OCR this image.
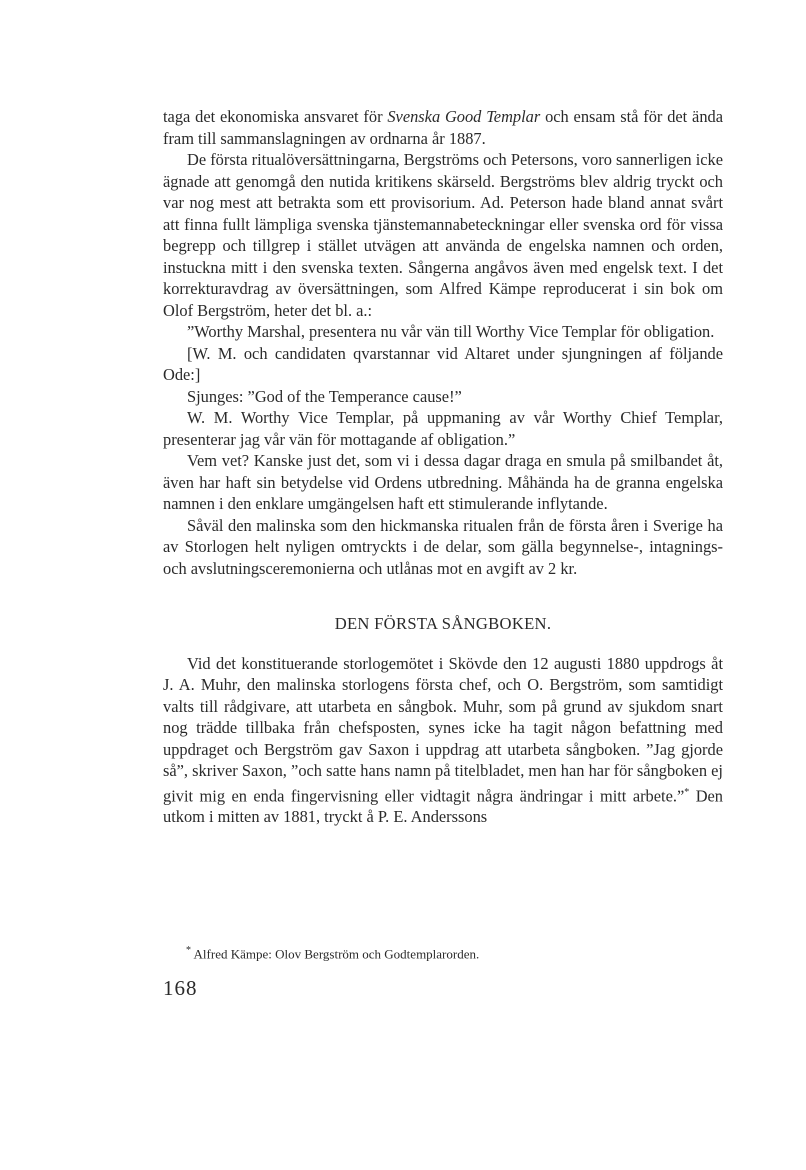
taga det ekonomiska ansvaret för Svenska Good Templar och ensam stå för det ända fram till sammanslagningen av ordnarna år 1887.

De första ritualöversättningarna, Bergströms och Petersons, voro sannerligen icke ägnade att genomgå den nutida kritikens skärseld. Bergströms blev aldrig tryckt och var nog mest att betrakta som ett provisorium. Ad. Peterson hade bland annat svårt att finna fullt lämpliga svenska tjänstemannabeteckningar eller svenska ord för vissa begrepp och tillgrep i stället utvägen att använda de engelska namnen och orden, instuckna mitt i den svenska texten. Sångerna angåvos även med engelsk text. I det korrekturavdrag av översättningen, som Alfred Kämpe reproducerat i sin bok om Olof Bergström, heter det bl. a.:

”Worthy Marshal, presentera nu vår vän till Worthy Vice Templar för obligation.

[W. M. och candidaten qvarstannar vid Altaret under sjungningen af följande Ode:]

Sjunges: ”God of the Temperance cause!”

W. M. Worthy Vice Templar, på uppmaning av vår Worthy Chief Templar, presenterar jag vår vän för mottagande af obligation.”

Vem vet? Kanske just det, som vi i dessa dagar draga en smula på smilbandet åt, även har haft sin betydelse vid Ordens utbredning. Måhända ha de granna engelska namnen i den enklare umgängelsen haft ett stimulerande inflytande.

Såväl den malinska som den hickmanska ritualen från de första åren i Sverige ha av Storlogen helt nyligen omtryckts i de delar, som gälla begynnelse-, intagnings- och avslutningsceremonierna och utlånas mot en avgift av 2 kr.

DEN FÖRSTA SÅNGBOKEN.

Vid det konstituerande storlogemötet i Skövde den 12 augusti 1880 uppdrogs åt J. A. Muhr, den malinska storlogens första chef, och O. Bergström, som samtidigt valts till rådgivare, att utarbeta en sångbok. Muhr, som på grund av sjukdom snart nog trädde tillbaka från chefsposten, synes icke ha tagit någon befattning med uppdraget och Bergström gav Saxon i uppdrag att utarbeta sångboken. ”Jag gjorde så”, skriver Saxon, ”och satte hans namn på titelbladet, men han har för sångboken ej givit mig en enda fingervisning eller vidtagit några ändringar i mitt arbete.”* Den utkom i mitten av 1881, tryckt å P. E. Anderssons

* Alfred Kämpe: Olov Bergström och Godtemplarorden.
168
